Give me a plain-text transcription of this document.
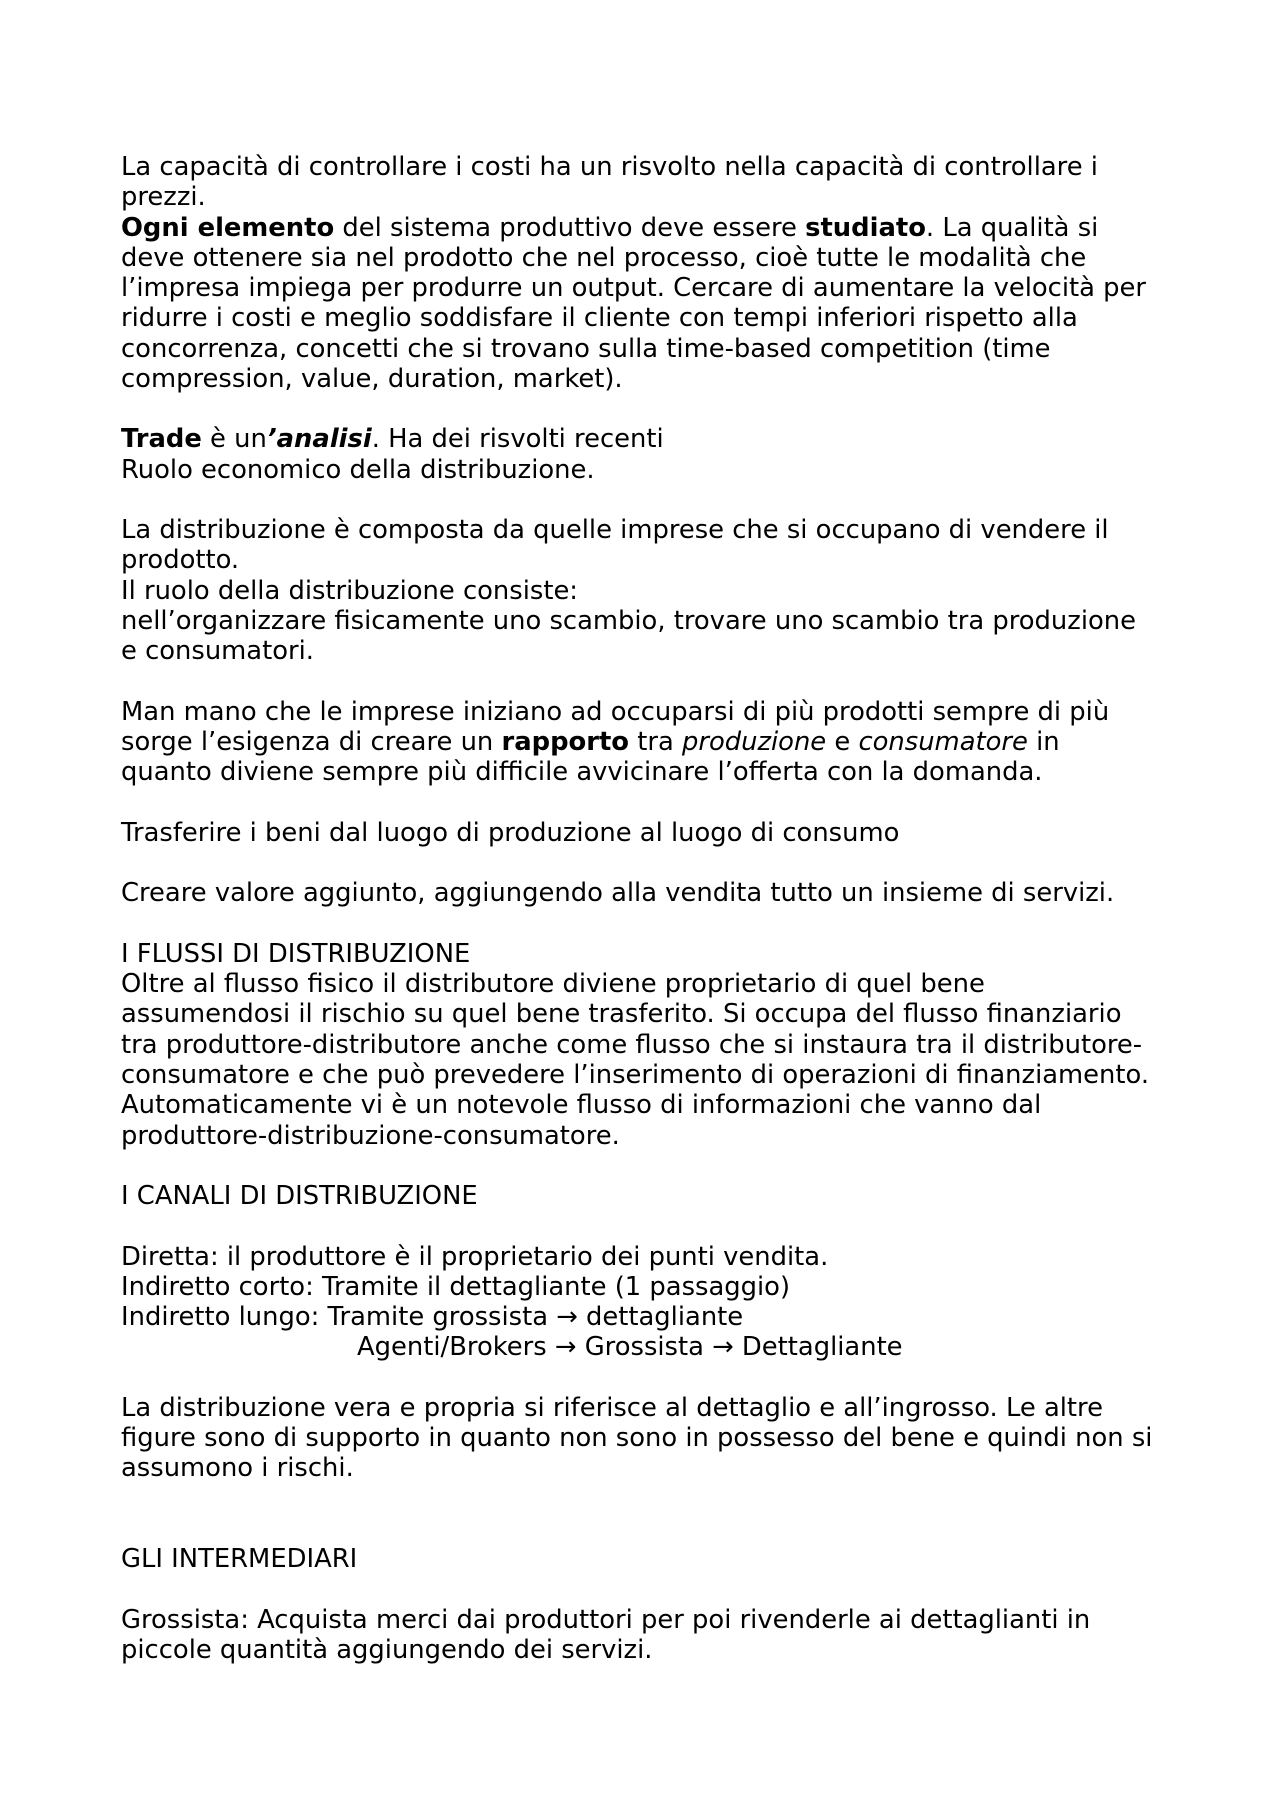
La capacità di controllare i costi ha un risvolto nella capacità di controllare i
prezzi.
Ogni elemento del sistema produttivo deve essere studiato. La qualità si
deve ottenere sia nel prodotto che nel processo, cioè tutte le modalità che
l’impresa impiega per produrre un output. Cercare di aumentare la velocità per
ridurre i costi e meglio soddisfare il cliente con tempi inferiori rispetto alla
concorrenza, concetti che si trovano sulla time-based competition (time
compression, value, duration, market).
Trade è un’analisi. Ha dei risvolti recenti
Ruolo economico della distribuzione.
La distribuzione è composta da quelle imprese che si occupano di vendere il
prodotto.
Il ruolo della distribuzione consiste:
nell’organizzare fisicamente uno scambio, trovare uno scambio tra produzione
e consumatori.
Man mano che le imprese iniziano ad occuparsi di più prodotti sempre di più
sorge l’esigenza di creare un rapporto tra produzione e consumatore in
quanto diviene sempre più difficile avvicinare l’offerta con la domanda.
Trasferire i beni dal luogo di produzione al luogo di consumo
Creare valore aggiunto, aggiungendo alla vendita tutto un insieme di servizi.
I FLUSSI DI DISTRIBUZIONE
Oltre al flusso fisico il distributore diviene proprietario di quel bene
assumendosi il rischio su quel bene trasferito. Si occupa del flusso finanziario
tra produttore-distributore anche come flusso che si instaura tra il distributore-
consumatore e che può prevedere l’inserimento di operazioni di finanziamento.
Automaticamente vi è un notevole flusso di informazioni che vanno dal
produttore-distribuzione-consumatore.
I CANALI DI DISTRIBUZIONE
Diretta: il produttore è il proprietario dei punti vendita.
Indiretto corto: Tramite il dettagliante (1 passaggio)
Indiretto lungo: Tramite grossista → dettagliante
Agenti/Brokers → Grossista → Dettagliante
La distribuzione vera e propria si riferisce al dettaglio e all’ingrosso. Le altre
figure sono di supporto in quanto non sono in possesso del bene e quindi non si
assumono i rischi.
GLI INTERMEDIARI
Grossista: Acquista merci dai produttori per poi rivenderle ai dettaglianti in
piccole quantità aggiungendo dei servizi.
